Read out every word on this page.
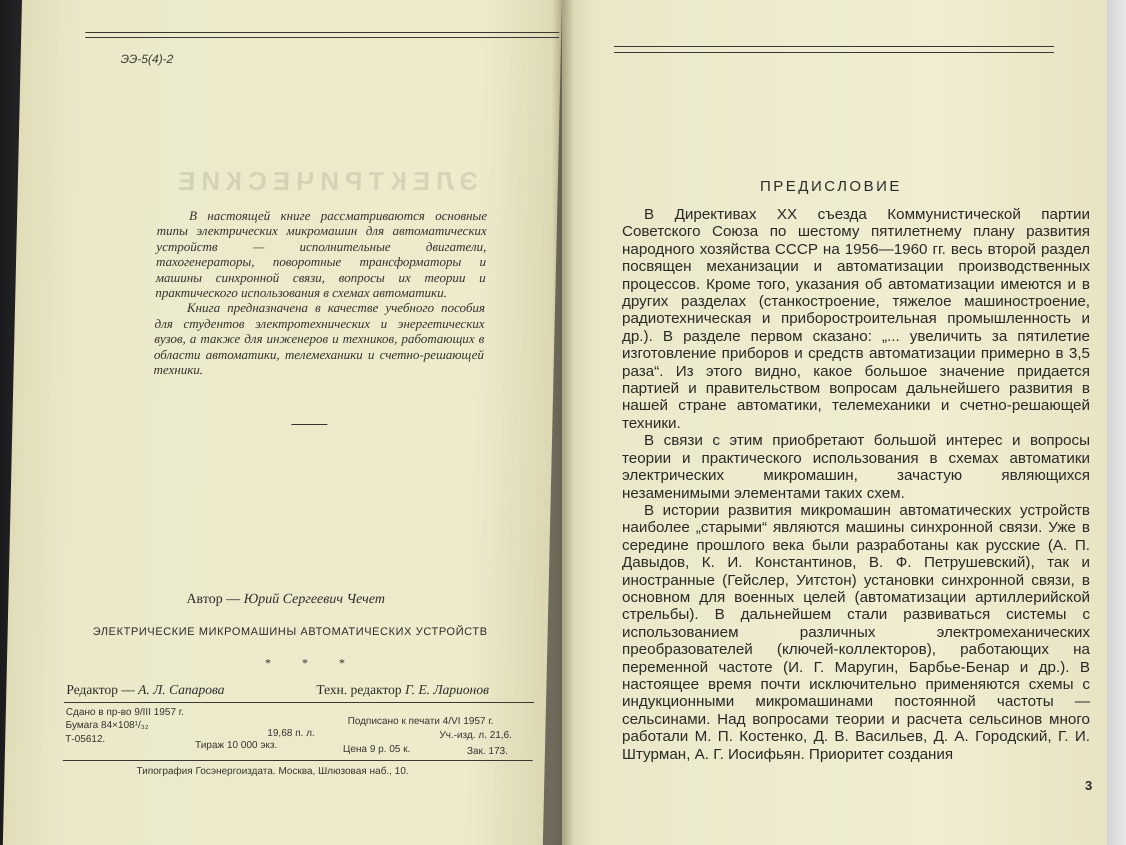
ЭЭ-5(4)-2
ЭЛЕКТРИЧЕСКИЕ

В настоящей книге рассматриваются основные типы электрических микромашин для автоматических устройств — исполнительные двигатели, тахогенераторы, поворотные трансформаторы и машины синхронной связи, вопросы их теории и практического использования в схемах автоматики.

Книга предназначена в качестве учебного пособия для студентов электротехнических и энергетических вузов, а также для инженеров и техников, работающих в области автоматики, телемеханики и счетно-решающей техники.

Автор — Юрий Сергеевич Чечет
ЭЛЕКТРИЧЕСКИЕ МИКРОМАШИНЫ АВТОМАТИЧЕСКИХ УСТРОЙСТВ
* * *
Редактор — А. Л. Сапарова	Техн. редактор Г. Е. Ларионов
Сдано в пр-во 9/III 1957 г.
Подписано к печати 4/VI 1957 г.
Бумага 84×108¹/₃₂
19,68 п. л.	Уч.-изд. л. 21,6.
Т-05612.
Тираж 10 000 экз.	Цена 9 р. 05 к.	Зак. 173.
Типография Госэнергоиздата. Москва, Шлюзовая наб., 10.
ПРЕДИСЛОВИЕ

В Директивах XX съезда Коммунистической партии Советского Союза по шестому пятилетнему плану развития народного хозяйства СССР на 1956—1960 гг. весь второй раздел посвящен механизации и автоматизации производственных процессов. Кроме того, указания об автоматизации имеются и в других разделах (станкостроение, тяжелое машиностроение, радиотехническая и приборостроительная промышленность и др.). В разделе первом сказано: „... увеличить за пятилетие изготовление приборов и средств автоматизации примерно в 3,5 раза“. Из этого видно, какое большое значение придается партией и правительством вопросам дальнейшего развития в нашей стране автоматики, телемеханики и счетно-решающей техники.

В связи с этим приобретают большой интерес и вопросы теории и практического использования в схемах автоматики электрических микромашин, зачастую являющихся незаменимыми элементами таких схем.

В истории развития микромашин автоматических устройств наиболее „старыми“ являются машины синхронной связи. Уже в середине прошлого века были разработаны как русские (А. П. Давыдов, К. И. Константинов, В. Ф. Петрушевский), так и иностранные (Гейслер, Уитстон) установки синхронной связи, в основном для военных целей (автоматизации артиллерийской стрельбы). В дальнейшем стали развиваться системы с использованием различных электромеханических преобразователей (ключей-коллекторов), работающих на переменной частоте (И. Г. Маругин, Барбье-Бенар и др.). В настоящее время почти исключительно применяются схемы с индукционными микромашинами постоянной частоты — сельсинами. Над вопросами теории и расчета сельсинов много работали М. П. Костенко, Д. В. Васильев, Д. А. Городский, Г. И. Штурман, А. Г. Иосифьян. Приоритет создания

3
